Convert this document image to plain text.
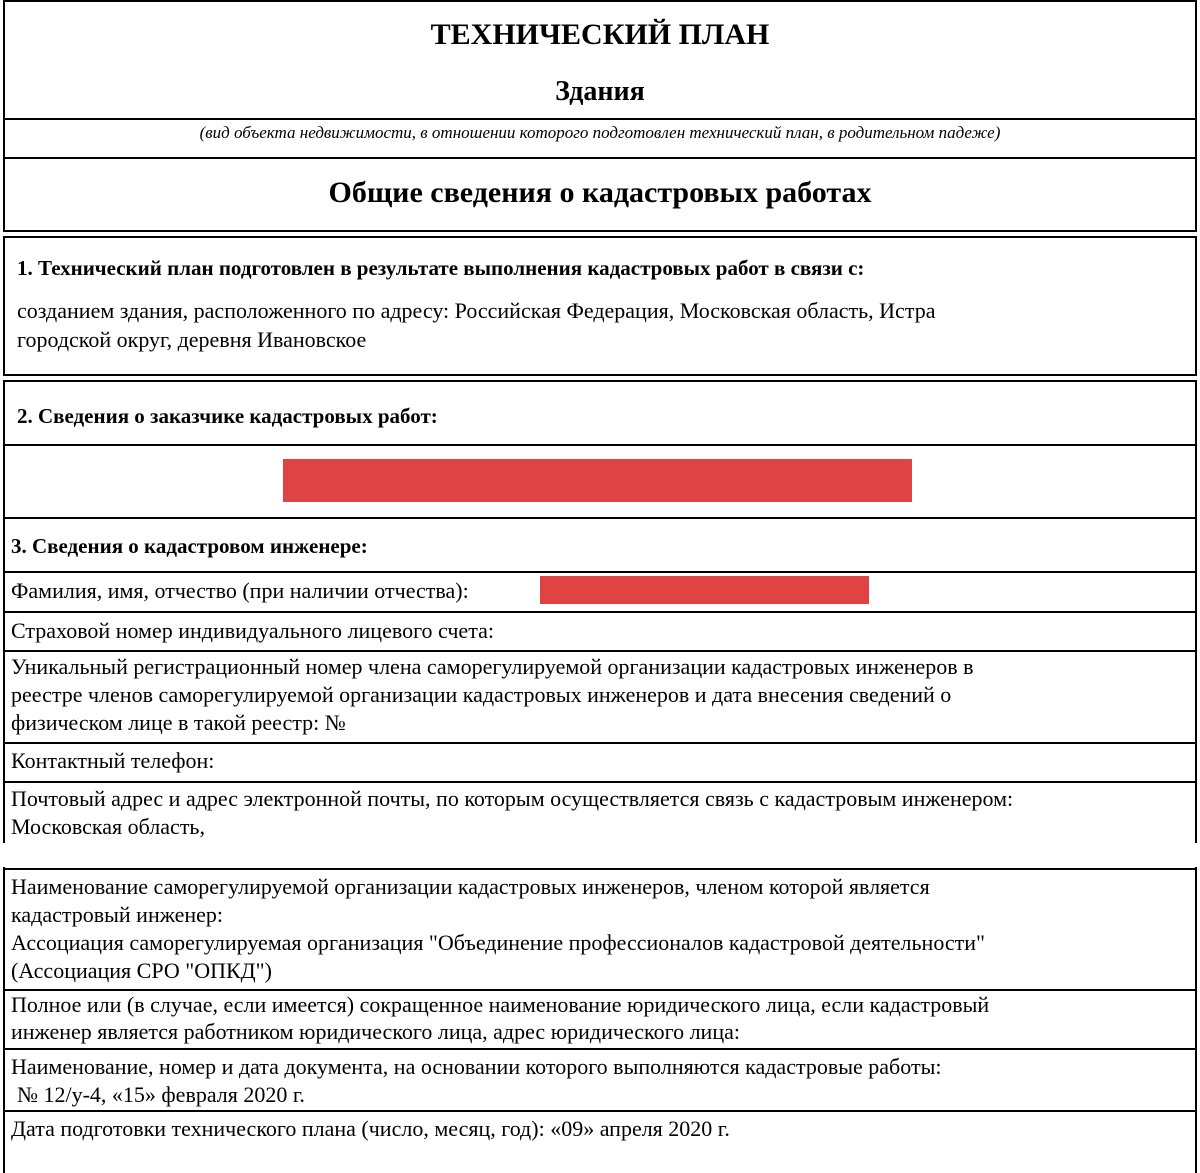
ТЕХНИЧЕСКИЙ ПЛАН
Здания
(вид объекта недвижимости, в отношении которого подготовлен технический план, в родительном падеже)
Общие сведения о кадастровых работах
1. Технический план подготовлен в результате выполнения кадастровых работ в связи с:
созданием здания, расположенного по адресу: Российская Федерация, Московская область, Истра
городской округ, деревня Ивановское
2. Сведения о заказчике кадастровых работ:
3. Сведения о кадастровом инженере:
Фамилия, имя, отчество (при наличии отчества):
Страховой номер индивидуального лицевого счета:
Уникальный регистрационный номер члена саморегулируемой организации кадастровых инженеров в
реестре членов саморегулируемой организации кадастровых инженеров и дата внесения сведений о
физическом лице в такой реестр: №
Контактный телефон:
Почтовый адрес и адрес электронной почты, по которым осуществляется связь с кадастровым инженером:
Московская область,
Наименование саморегулируемой организации кадастровых инженеров, членом которой является
кадастровый инженер:
Ассоциация саморегулируемая организация "Объединение профессионалов кадастровой деятельности"
(Ассоциация СРО "ОПКД")
Полное или (в случае, если имеется) сокращенное наименование юридического лица, если кадастровый
инженер является работником юридического лица, адрес юридического лица:
Наименование, номер и дата документа, на основании которого выполняются кадастровые работы:
№ 12/у-4, «15» февраля 2020 г.
Дата подготовки технического плана (число, месяц, год): «09» апреля 2020 г.
